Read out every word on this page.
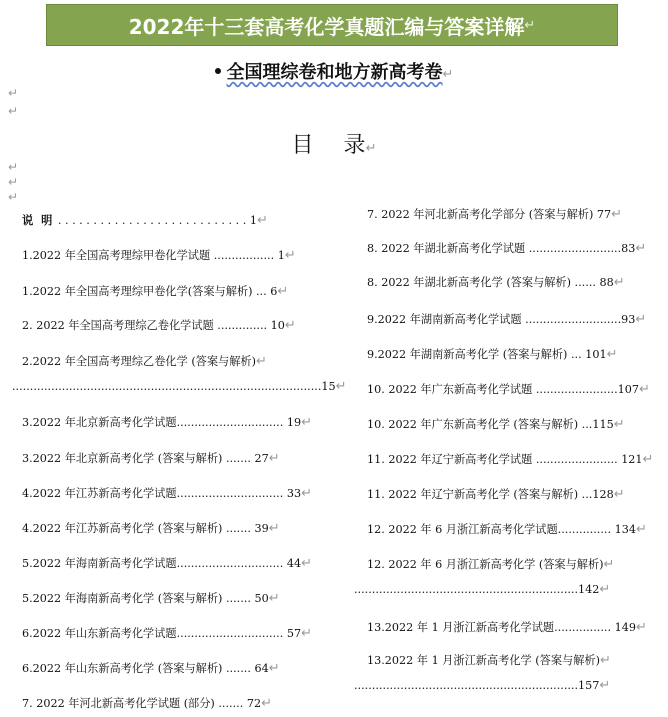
2022年十三套高考化学真题汇编与答案详解 ↵
全国理综卷和地方新高考卷↵
↵
↵
目 录↵
↵
↵
↵
说 明 . . . . . . . . . . . . . . . . . . . . . . . . . . . 1↵
1.2022 年全国高考理综甲卷化学试题 ................. 1↵
1.2022 年全国高考理综甲卷化学(答案与解析) ... 6↵
2. 2022 年全国高考理综乙卷化学试题 .............. 10↵
2.2022 年全国高考理综乙卷化学 (答案与解析)↵
.......................................................................................15↵
3.2022 年北京新高考化学试题.............................. 19↵
3.2022 年北京新高考化学 (答案与解析) ....... 27↵
4.2022 年江苏新高考化学试题.............................. 33↵
4.2022 年江苏新高考化学 (答案与解析) ....... 39↵
5.2022 年海南新高考化学试题.............................. 44↵
5.2022 年海南新高考化学 (答案与解析) ....... 50↵
6.2022 年山东新高考化学试题.............................. 57↵
6.2022 年山东新高考化学 (答案与解析) ....... 64↵
7. 2022 年河北新高考化学试题 (部分) ....... 72↵
7. 2022 年河北新高考化学部分 (答案与解析) 77↵
8. 2022 年湖北新高考化学试题 ..........................83↵
8. 2022 年湖北新高考化学 (答案与解析) ...... 88↵
9.2022 年湖南新高考化学试题 ...........................93↵
9.2022 年湖南新高考化学 (答案与解析) ... 101↵
10. 2022 年广东新高考化学试题 .......................107↵
10. 2022 年广东新高考化学 (答案与解析) ...115↵
11. 2022 年辽宁新高考化学试题 ....................... 121↵
11. 2022 年辽宁新高考化学 (答案与解析) ...128↵
12. 2022 年 6 月浙江新高考化学试题............... 134↵
12. 2022 年 6 月浙江新高考化学 (答案与解析)↵
...............................................................142↵
13.2022 年 1 月浙江新高考化学试题................ 149↵
13.2022 年 1 月浙江新高考化学 (答案与解析)↵
...............................................................157↵
